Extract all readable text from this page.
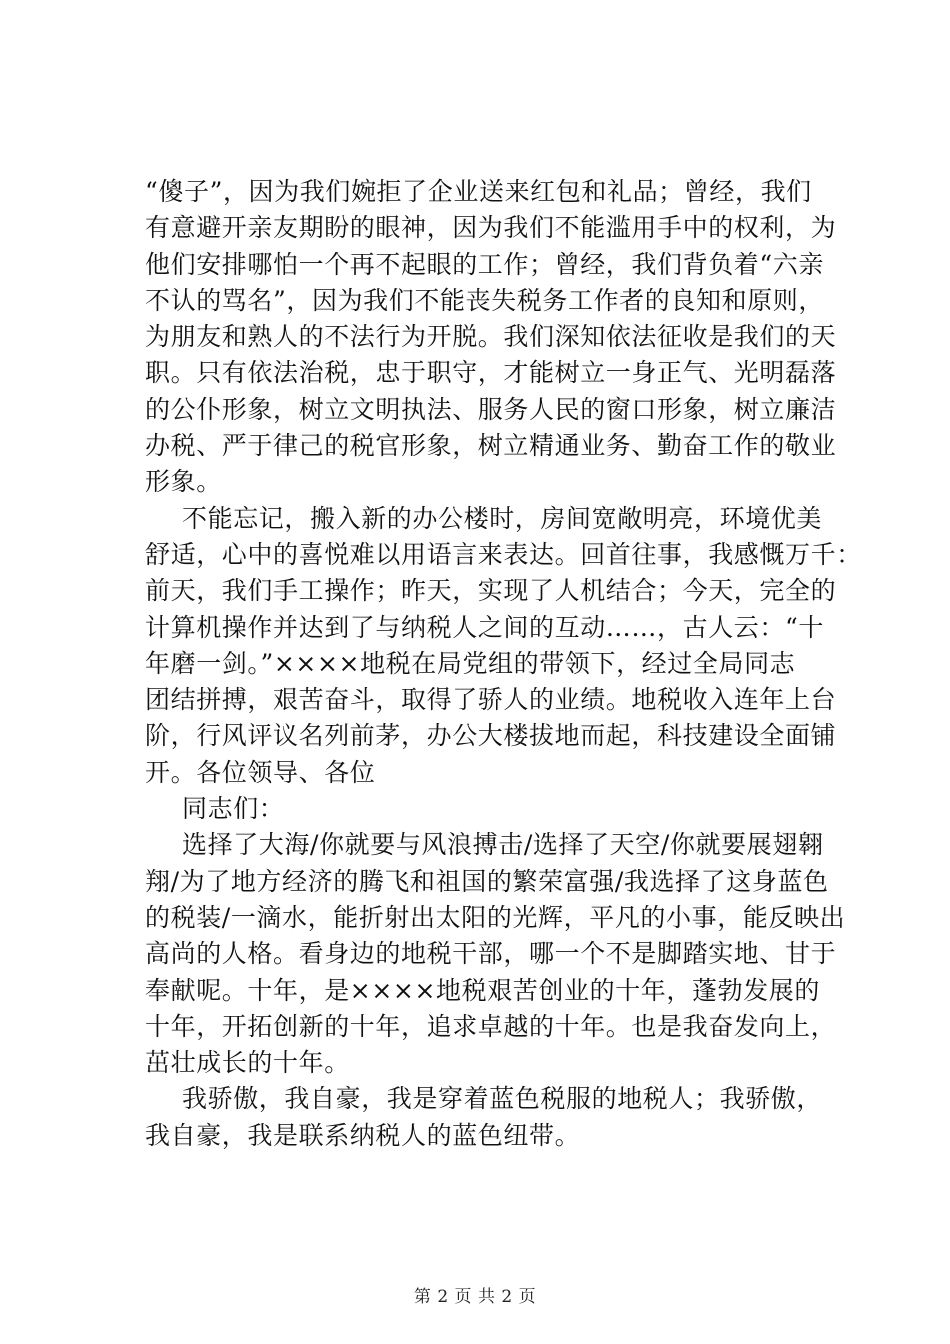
“傻子”，因为我们婉拒了企业送来红包和礼品；曾经，我们
有意避开亲友期盼的眼神，因为我们不能滥用手中的权利，为
他们安排哪怕一个再不起眼的工作；曾经，我们背负着“六亲
不认的骂名”，因为我们不能丧失税务工作者的良知和原则，
为朋友和熟人的不法行为开脱。我们深知依法征收是我们的天
职。只有依法治税，忠于职守，才能树立一身正气、光明磊落
的公仆形象，树立文明执法、服务人民的窗口形象，树立廉洁
办税、严于律己的税官形象，树立精通业务、勤奋工作的敬业
形象。
不能忘记，搬入新的办公楼时，房间宽敞明亮，环境优美
舒适，心中的喜悦难以用语言来表达。回首往事，我感慨万千：
前天，我们手工操作；昨天，实现了人机结合；今天，完全的
计算机操作并达到了与纳税人之间的互动……，古人云：“十
年磨一剑。”××××地税在局党组的带领下，经过全局同志
团结拼搏，艰苦奋斗，取得了骄人的业绩。地税收入连年上台
阶，行风评议名列前茅，办公大楼拔地而起，科技建设全面铺
开。各位领导、各位
同志们：
选择了大海/你就要与风浪搏击/选择了天空/你就要展翅翱
翔/为了地方经济的腾飞和祖国的繁荣富强/我选择了这身蓝色
的税装/一滴水，能折射出太阳的光辉，平凡的小事，能反映出
高尚的人格。看身边的地税干部，哪一个不是脚踏实地、甘于
奉献呢。十年，是××××地税艰苦创业的十年，蓬勃发展的
十年，开拓创新的十年，追求卓越的十年。也是我奋发向上，
茁壮成长的十年。
我骄傲，我自豪，我是穿着蓝色税服的地税人；我骄傲，
我自豪，我是联系纳税人的蓝色纽带。
第 2 页 共 2 页
